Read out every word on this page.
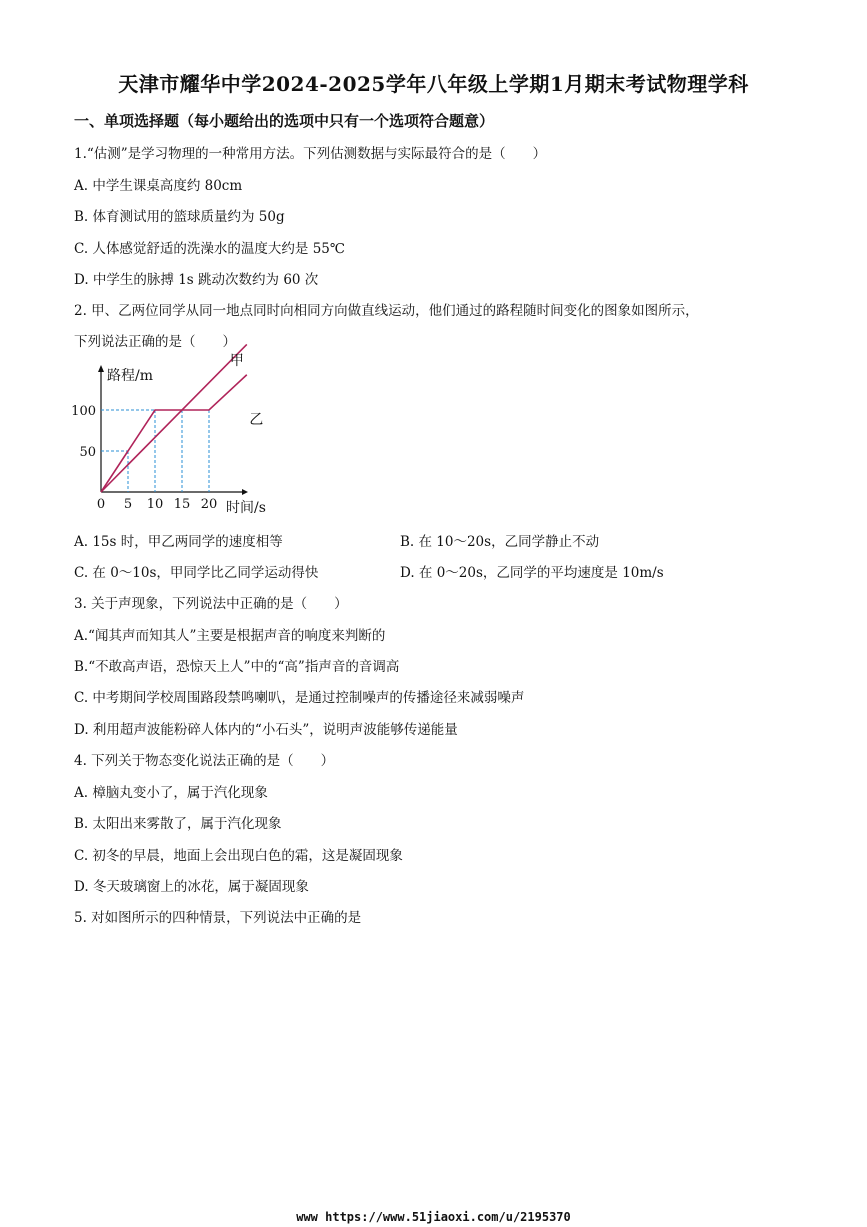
天津市耀华中学2024-2025学年八年级上学期1月期末考试物理学科
一、单项选择题（每小题给出的选项中只有一个选项符合题意）
1.“估测”是学习物理的一种常用方法。下列估测数据与实际最符合的是（　　）
A. 中学生课桌高度约 80cm
B. 体育测试用的篮球质量约为 50g
C. 人体感觉舒适的洗澡水的温度大约是 55℃
D. 中学生的脉搏 1s 跳动次数约为 60 次
2. 甲、乙两位同学从同一地点同时向相同方向做直线运动，他们通过的路程随时间变化的图象如图所示，
下列说法正确的是（　　）
甲
乙
0 5 10 15 20
50
100
路程/m
时间/s
A. 15s 时，甲乙两同学的速度相等	B. 在 10～20s，乙同学静止不动
C. 在 0～10s，甲同学比乙同学运动得快	D. 在 0～20s，乙同学的平均速度是 10m/s
3. 关于声现象，下列说法中正确的是（　　）
A.“闻其声而知其人”主要是根据声音的响度来判断的
B.“不敢高声语，恐惊天上人”中的“高”指声音的音调高
C. 中考期间学校周围路段禁鸣喇叭，是通过控制噪声的传播途径来减弱噪声
D. 利用超声波能粉碎人体内的“小石头”，说明声波能够传递能量
4. 下列关于物态变化说法正确的是（　　）
A. 樟脑丸变小了，属于汽化现象
B. 太阳出来雾散了，属于汽化现象
C. 初冬的早晨，地面上会出现白色的霜，这是凝固现象
D. 冬天玻璃窗上的冰花，属于凝固现象
5. 对如图所示的四种情景，下列说法中正确的是
www https://www.51jiaoxi.com/u/2195370
